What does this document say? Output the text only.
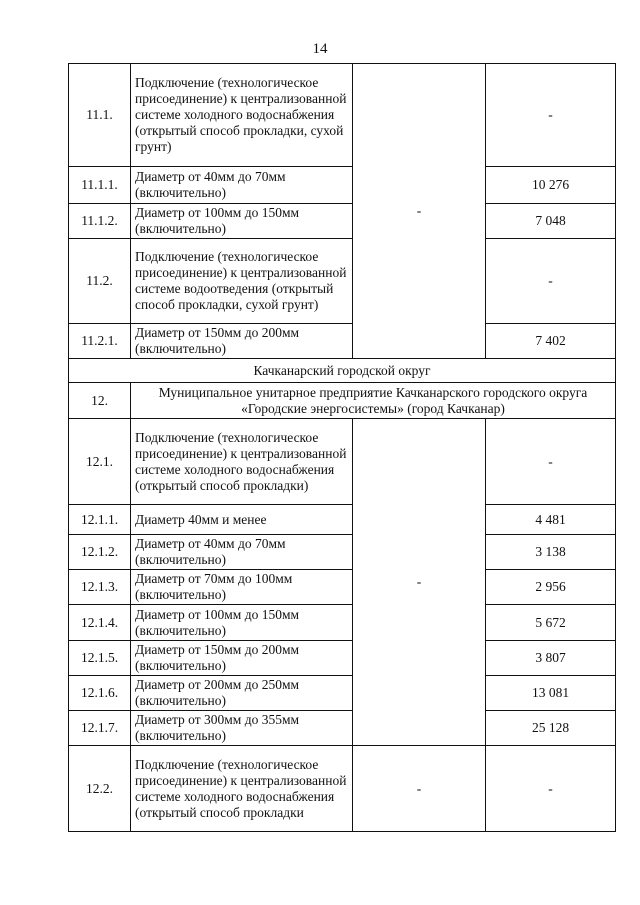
14
11.1.	Подключение (технологическое присоединение) к централизованной системе холодного водоснабжения (открытый способ прокладки, сухой грунт)	-	-
11.1.1.	Диаметр от 40мм до 70мм (включительно)		10 276
11.1.2.	Диаметр от 100мм до 150мм (включительно)		7 048
11.2.	Подключение (технологическое присоединение) к централизованной системе водоотведения (открытый способ прокладки, сухой грунт)		-
11.2.1.	Диаметр от 150мм до 200мм (включительно)		7 402
Качканарский городской округ			
12.	Муниципальное унитарное предприятие Качканарского городского округа «Городские энергосистемы» (город Качканар)		
12.1.	Подключение (технологическое присоединение) к централизованной системе холодного водоснабжения (открытый способ прокладки)	-	-
12.1.1.	Диаметр 40мм и менее		4 481
12.1.2.	Диаметр от 40мм до 70мм (включительно)		3 138
12.1.3.	Диаметр от 70мм до 100мм (включительно)		2 956
12.1.4.	Диаметр от 100мм до 150мм (включительно)		5 672
12.1.5.	Диаметр от 150мм до 200мм (включительно)		3 807
12.1.6.	Диаметр от 200мм до 250мм (включительно)		13 081
12.1.7.	Диаметр от 300мм до 355мм (включительно)		25 128
12.2.	Подключение (технологическое присоединение) к централизованной системе холодного водоснабжения (открытый способ прокладки	-	-
